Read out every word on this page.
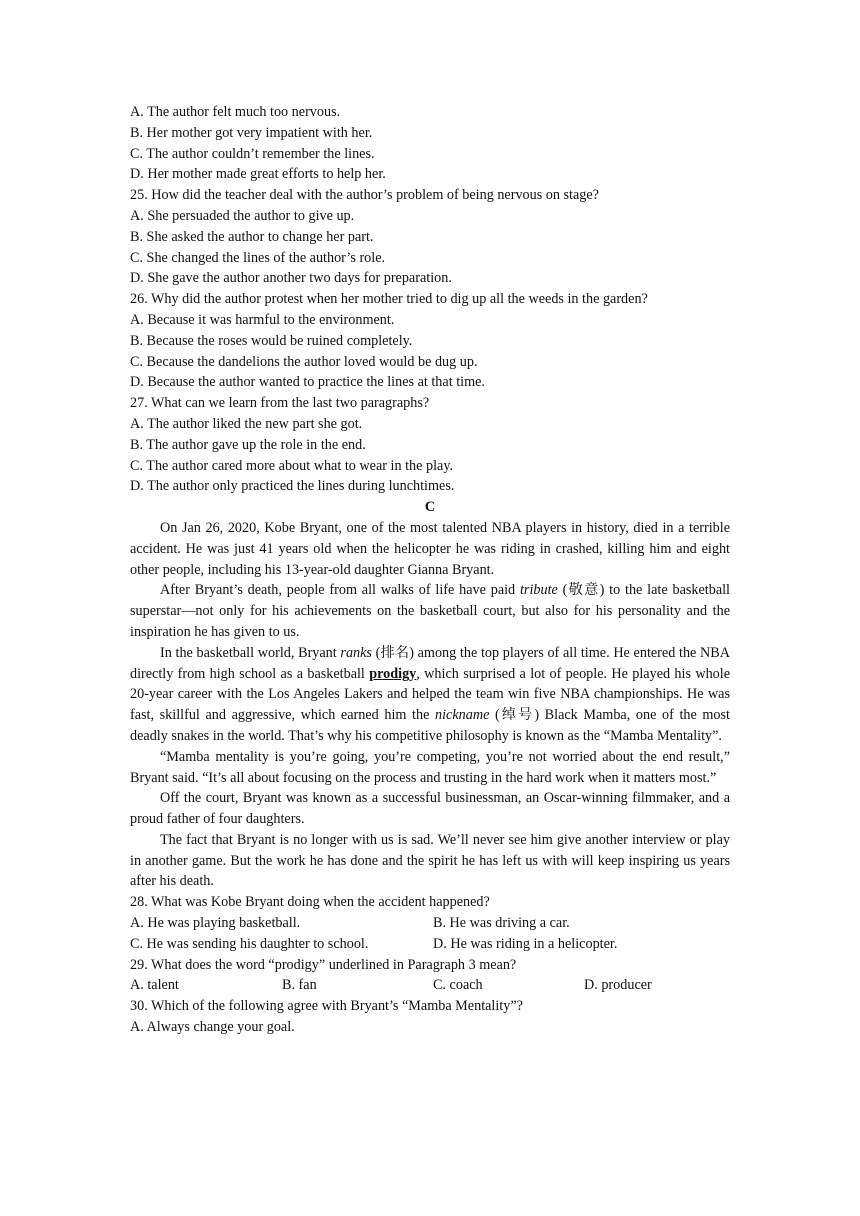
A. The author felt much too nervous.
B. Her mother got very impatient with her.
C. The author couldn’t remember the lines.
D. Her mother made great efforts to help her.
25. How did the teacher deal with the author’s problem of being nervous on stage?
A. She persuaded the author to give up.
B. She asked the author to change her part.
C. She changed the lines of the author’s role.
D. She gave the author another two days for preparation.
26. Why did the author protest when her mother tried to dig up all the weeds in the garden?
A. Because it was harmful to the environment.
B. Because the roses would be ruined completely.
C. Because the dandelions the author loved would be dug up.
D. Because the author wanted to practice the lines at that time.
27. What can we learn from the last two paragraphs?
A. The author liked the new part she got.
B. The author gave up the role in the end.
C. The author cared more about what to wear in the play.
D. The author only practiced the lines during lunchtimes.
C

On Jan 26, 2020, Kobe Bryant, one of the most talented NBA players in history, died in a terrible accident. He was just 41 years old when the helicopter he was riding in crashed, killing him and eight other people, including his 13-year-old daughter Gianna Bryant.

After Bryant’s death, people from all walks of life have paid tribute (敬意) to the late basketball superstar—not only for his achievements on the basketball court, but also for his personality and the inspiration he has given to us.

In the basketball world, Bryant ranks (排名) among the top players of all time. He entered the NBA directly from high school as a basketball prodigy, which surprised a lot of people. He played his whole 20-year career with the Los Angeles Lakers and helped the team win five NBA championships. He was fast, skillful and aggressive, which earned him the nickname (绰号) Black Mamba, one of the most deadly snakes in the world. That’s why his competitive philosophy is known as the “Mamba Mentality”.

“Mamba mentality is you’re going, you’re competing, you’re not worried about the end result,” Bryant said. “It’s all about focusing on the process and trusting in the hard work when it matters most.”

Off the court, Bryant was known as a successful businessman, an Oscar-winning filmmaker, and a proud father of four daughters.

The fact that Bryant is no longer with us is sad. We’ll never see him give another interview or play in another game. But the work he has done and the spirit he has left us with will keep inspiring us years after his death.

28. What was Kobe Bryant doing when the accident happened?
A. He was playing basketball.	B. He was driving a car.
C. He was sending his daughter to school.	D. He was riding in a helicopter.
29. What does the word “prodigy” underlined in Paragraph 3 mean?
A. talent	B. fan	C. coach	D. producer
30. Which of the following agree with Bryant’s “Mamba Mentality”?
A. Always change your goal.
